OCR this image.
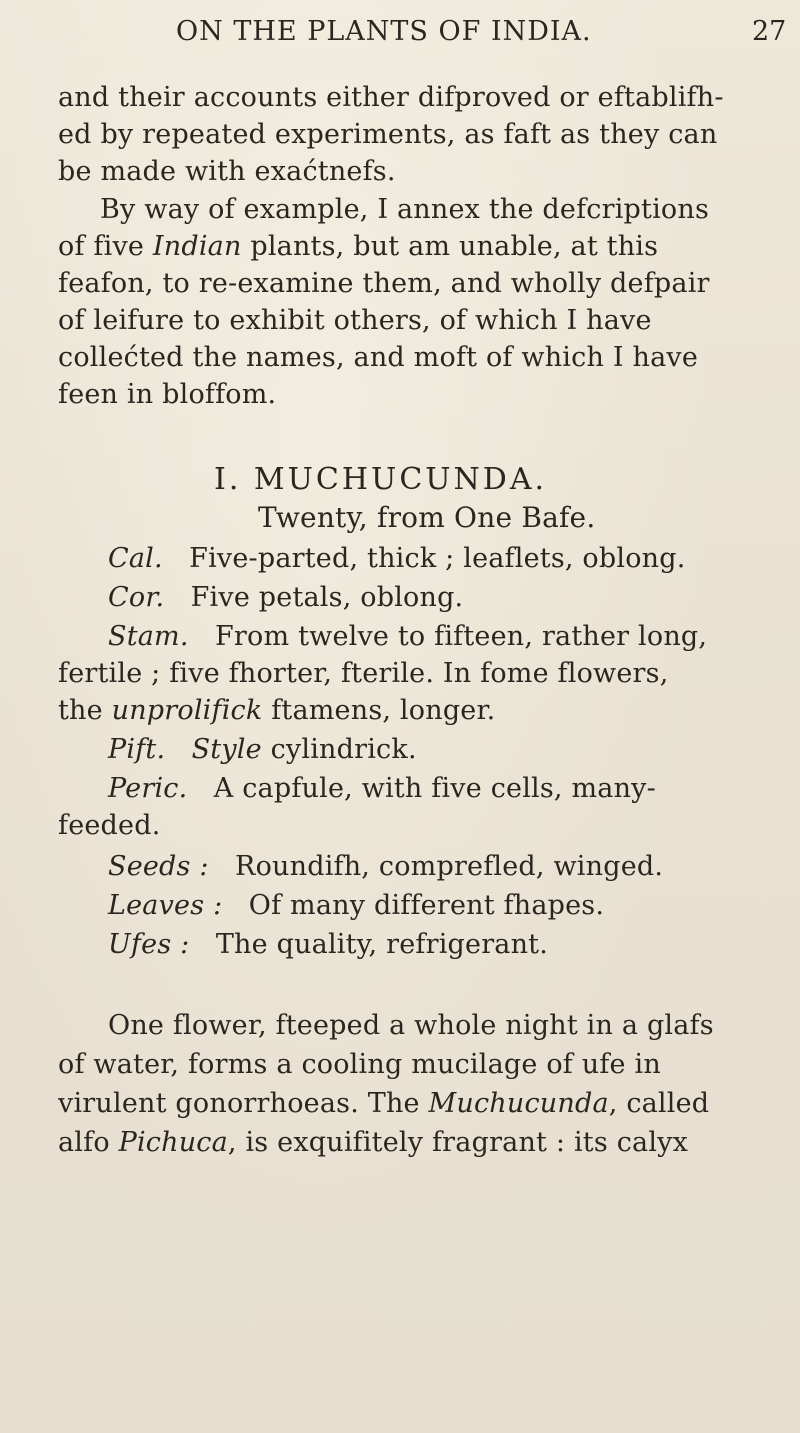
ON THE PLANTS OF INDIA.	27
and their accounts either difproved or eftablifh-
ed by repeated experiments, as faft as they can
be made with exaćtnefs.
By way of example, I annex the defcriptions
of five Indian plants, but am unable, at this
feafon, to re-examine them, and wholly defpair
of leifure to exhibit others, of which I have
collećted the names, and moft of which I have
feen in bloffom.
I. MUCHUCUNDA.
Twenty, from One Bafe.
Cal. Five-parted, thick ; leaflets, oblong.
Cor. Five petals, oblong.
Stam. From twelve to fifteen, rather long,
fertile ; five fhorter, fterile. In fome flowers,
the unprolifick ftamens, longer.
Pift. Style cylindrick.
Peric. A capfule, with five cells, many-
feeded.
Seeds : Roundifh, comprefled, winged.
Leaves : Of many different fhapes.
Ufes : The quality, refrigerant.
One flower, fteeped a whole night in a glafs
of water, forms a cooling mucilage of ufe in
virulent gonorrhoeas. The Muchucunda, called
alfo Pichuca, is exquifitely fragrant : its calyx
